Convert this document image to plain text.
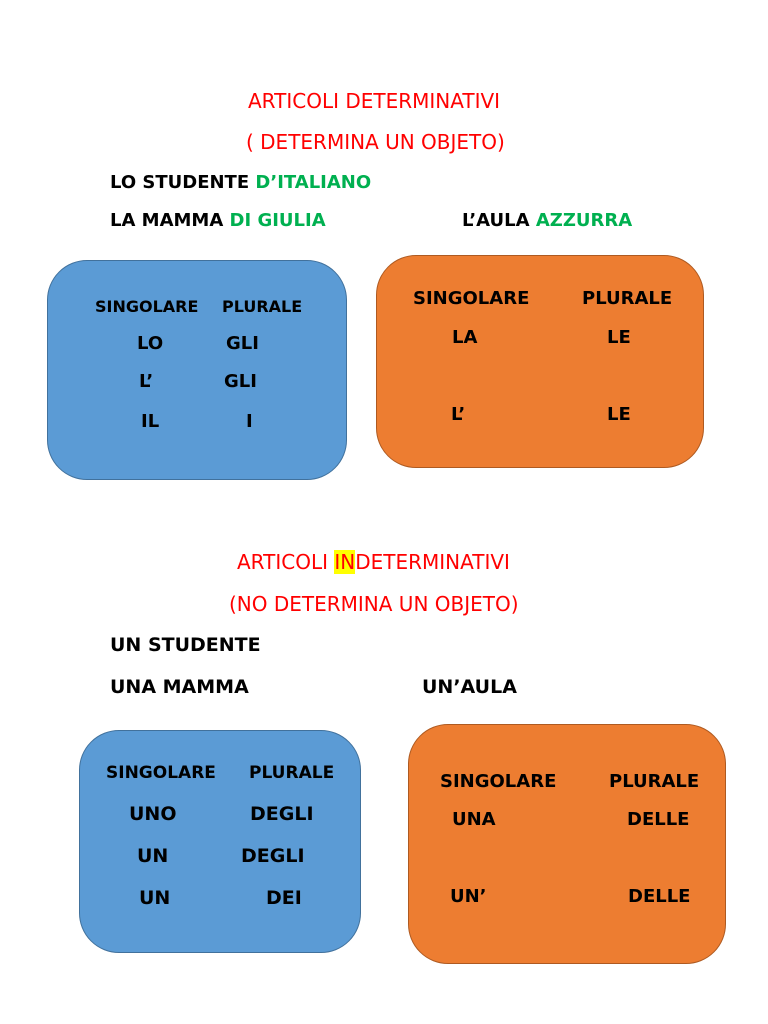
ARTICOLI DETERMINATIVI
( DETERMINA UN OBJETO)
LO STUDENTE D’ITALIANO
LA MAMMA DI GIULIA	L’AULA AZZURRA
SINGOLARE PLURALE
LO	GLI
L’	GLI
IL	I
SINGOLARE	PLURALE
LA	LE
L’	LE
ARTICOLI INDETERMINATIVI
(NO DETERMINA UN OBJETO)
UN STUDENTE
UNA MAMMA	UN’AULA
SINGOLARE PLURALE
UNO	DEGLI
UN	DEGLI
UN	DEI
SINGOLARE	PLURALE
UNA	DELLE
UN’	DELLE
